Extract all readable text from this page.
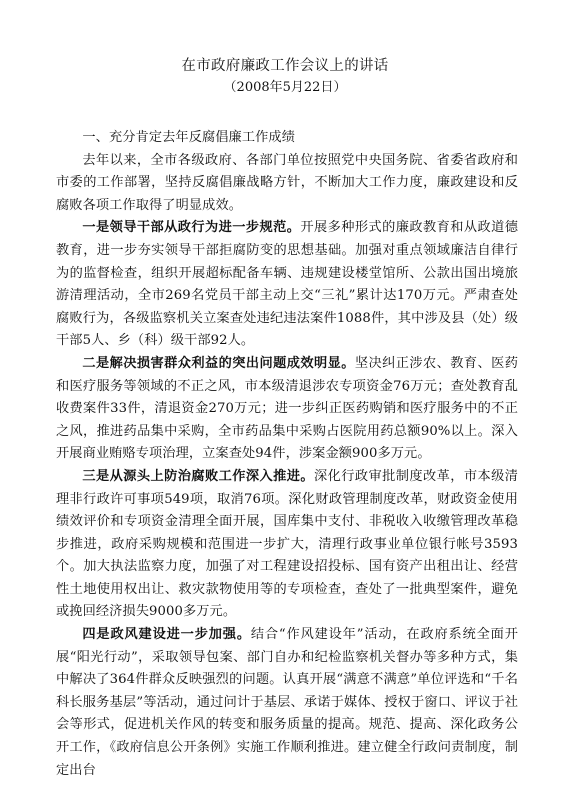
在市政府廉政工作会议上的讲话
（2008年5月22日）

一、充分肯定去年反腐倡廉工作成绩

去年以来，全市各级政府、各部门单位按照党中央国务院、省委省政府和市委的工作部署，坚持反腐倡廉战略方针，不断加大工作力度，廉政建设和反腐败各项工作取得了明显成效。

一是领导干部从政行为进一步规范。开展多种形式的廉政教育和从政道德教育，进一步夯实领导干部拒腐防变的思想基础。加强对重点领域廉洁自律行为的监督检查，组织开展超标配备车辆、违规建设楼堂馆所、公款出国出境旅游清理活动，全市269名党员干部主动上交“三礼”累计达170万元。严肃查处腐败行为，各级监察机关立案查处违纪违法案件1088件，其中涉及县（处）级干部5人、乡（科）级干部92人。

二是解决损害群众利益的突出问题成效明显。坚决纠正涉农、教育、医药和医疗服务等领域的不正之风，市本级清退涉农专项资金76万元；查处教育乱收费案件33件，清退资金270万元；进一步纠正医药购销和医疗服务中的不正之风，推进药品集中采购，全市药品集中采购占医院用药总额90%以上。深入开展商业贿赂专项治理，立案查处94件，涉案金额900多万元。

三是从源头上防治腐败工作深入推进。深化行政审批制度改革，市本级清理非行政许可事项549项，取消76项。深化财政管理制度改革，财政资金使用绩效评价和专项资金清理全面开展，国库集中支付、非税收入收缴管理改革稳步推进，政府采购规模和范围进一步扩大，清理行政事业单位银行帐号3593个。加大执法监察力度，加强了对工程建设招投标、国有资产出租出让、经营性土地使用权出让、救灾款物使用等的专项检查，查处了一批典型案件，避免或挽回经济损失9000多万元。

四是政风建设进一步加强。结合“作风建设年”活动，在政府系统全面开展“阳光行动”，采取领导包案、部门自办和纪检监察机关督办等多种方式，集中解决了364件群众反映强烈的问题。认真开展“满意不满意”单位评选和“千名科长服务基层”等活动，通过问计于基层、承诺于媒体、授权于窗口、评议于社会等形式，促进机关作风的转变和服务质量的提高。规范、提高、深化政务公开工作，《政府信息公开条例》实施工作顺利推进。建立健全行政问责制度，制定出台
